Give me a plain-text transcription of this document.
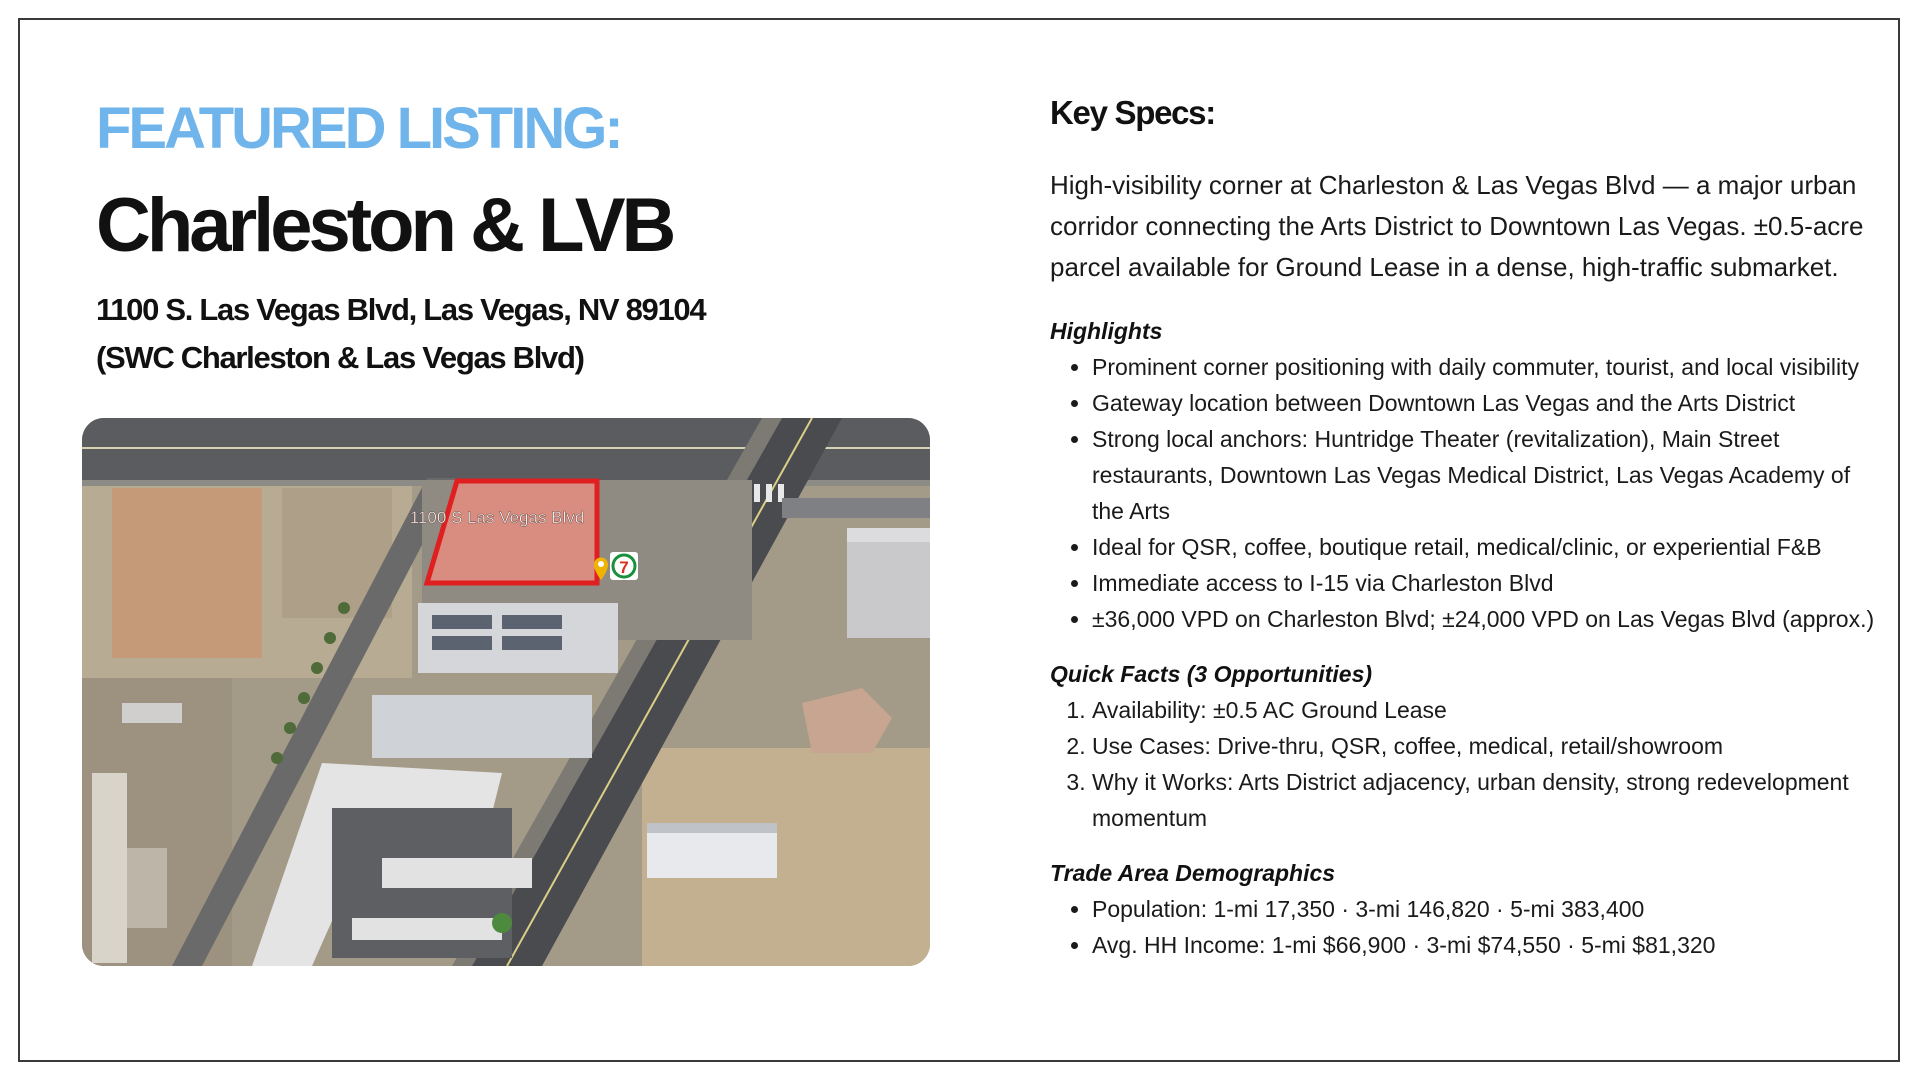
FEATURED LISTING:
Charleston & LVB
1100 S. Las Vegas Blvd, Las Vegas, NV 89104
(SWC Charleston & Las Vegas Blvd)
1100 S Las Vegas Blvd
7
Key Specs:

High-visibility corner at Charleston & Las Vegas Blvd — a major urban corridor connecting the Arts District to Downtown Las Vegas. ±0.5-acre parcel available for Ground Lease in a dense, high-traffic submarket.

Highlights
• Prominent corner positioning with daily commuter, tourist, and local visibility
• Gateway location between Downtown Las Vegas and the Arts District
• Strong local anchors: Huntridge Theater (revitalization), Main Street restaurants, Downtown Las Vegas Medical District, Las Vegas Academy of the Arts
• Ideal for QSR, coffee, boutique retail, medical/clinic, or experiential F&B
• Immediate access to I-15 via Charleston Blvd
• ±36,000 VPD on Charleston Blvd; ±24,000 VPD on Las Vegas Blvd (approx.)
Quick Facts (3 Opportunities)
1. Availability: ±0.5 AC Ground Lease
2. Use Cases: Drive-thru, QSR, coffee, medical, retail/showroom
3. Why it Works: Arts District adjacency, urban density, strong redevelopment momentum
Trade Area Demographics
• Population: 1-mi 17,350 · 3-mi 146,820 · 5-mi 383,400
• Avg. HH Income: 1-mi $66,900 · 3-mi $74,550 · 5-mi $81,320
